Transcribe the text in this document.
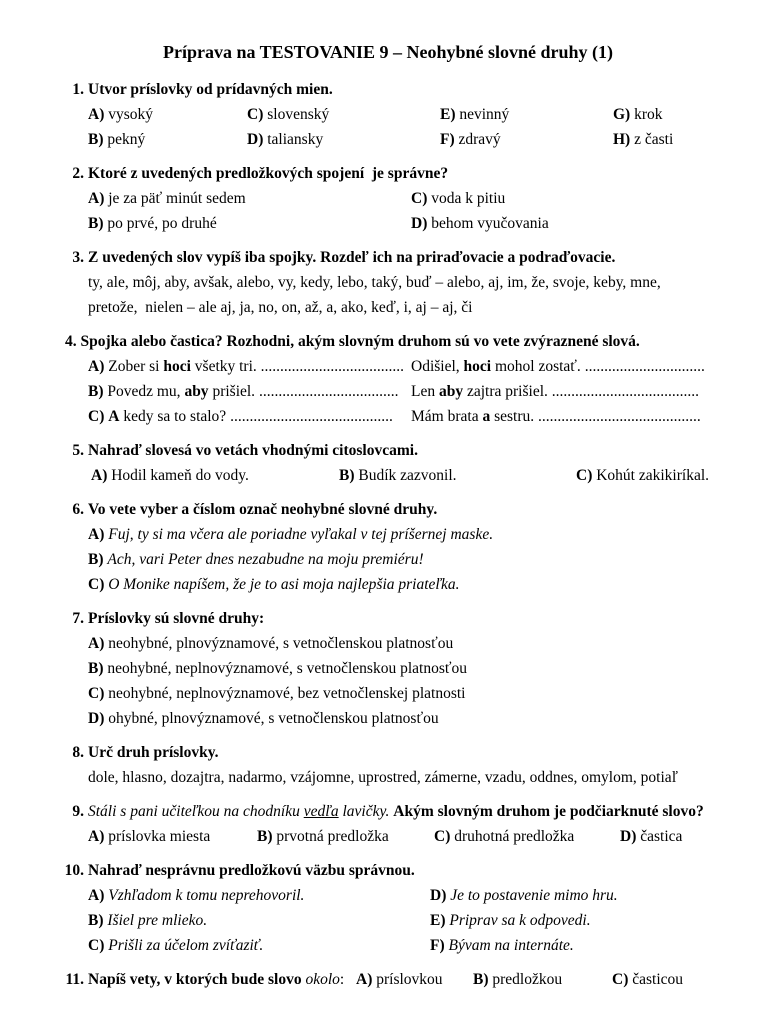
Príprava na TESTOVANIE 9 – Neohybné slovné druhy (1)
1. Utvor príslovky od prídavných mien.
A) vysoký	C) slovenský	E) nevinný	G) krok
B) pekný	D) taliansky	F) zdravý	H) z časti
2. Ktoré z uvedených predložkových spojení  je správne?
A) je za päť minút sedem	C) voda k pitiu
B) po prvé, po druhé	D) behom vyučovania
3. Z uvedených slov vypíš iba spojky. Rozdeľ ich na priraďovacie a podraďovacie.
ty, ale, môj, aby, avšak, alebo, vy, kedy, lebo, taký, buď – alebo, aj, im, že, svoje, keby, mne,
pretože,  nielen – ale aj, ja, no, on, až, a, ako, keď, i, aj – aj, či
4. Spojka alebo častica? Rozhodni, akým slovným druhom sú vo vete zvýraznené slová.
A) Zober si hoci všetky tri. ..................................... Odišiel, hoci mohol zostať. ...............................
B) Povedz mu, aby prišiel. .................................... Len aby zajtra prišiel. ......................................
C) A kedy sa to stalo? .......................................... Mám brata a sestru. ..........................................
5. Nahraď slovesá vo vetách vhodnými citoslovcami.
A) Hodil kameň do vody.	B) Budík zazvonil.	C) Kohút zakikiríkal.
6. Vo vete vyber a číslom označ neohybné slovné druhy.
A) Fuj, ty si ma včera ale poriadne vyľakal v tej príšernej maske.
B) Ach, vari Peter dnes nezabudne na moju premiéru!
C) O Monike napíšem, že je to asi moja najlepšia priateľka.
7. Príslovky sú slovné druhy:
A) neohybné, plnovýznamové, s vetnočlenskou platnosťou
B) neohybné, neplnovýznamové, s vetnočlenskou platnosťou
C) neohybné, neplnovýznamové, bez vetnočlenskej platnosti
D) ohybné, plnovýznamové, s vetnočlenskou platnosťou
8. Urč druh príslovky.
dole, hlasno, dozajtra, nadarmo, vzájomne, uprostred, zámerne, vzadu, oddnes, omylom, potiaľ
9. Stáli s pani učiteľkou na chodníku vedľa lavičky. Akým slovným druhom je podčiarknuté slovo?
A) príslovka miesta	B) prvotná predložka	C) druhotná predložka	D) častica
10. Nahraď nesprávnu predložkovú väzbu správnou.
A) Vzhľadom k tomu neprehovoril.	D) Je to postavenie mimo hru.
B) Išiel pre mlieko.	E) Priprav sa k odpovedi.
C) Prišli za účelom zvíťaziť.	F) Bývam na internáte.
11. Napíš vety, v ktorých bude slovo okolo: A) príslovkou B) predložkou	C) časticou
